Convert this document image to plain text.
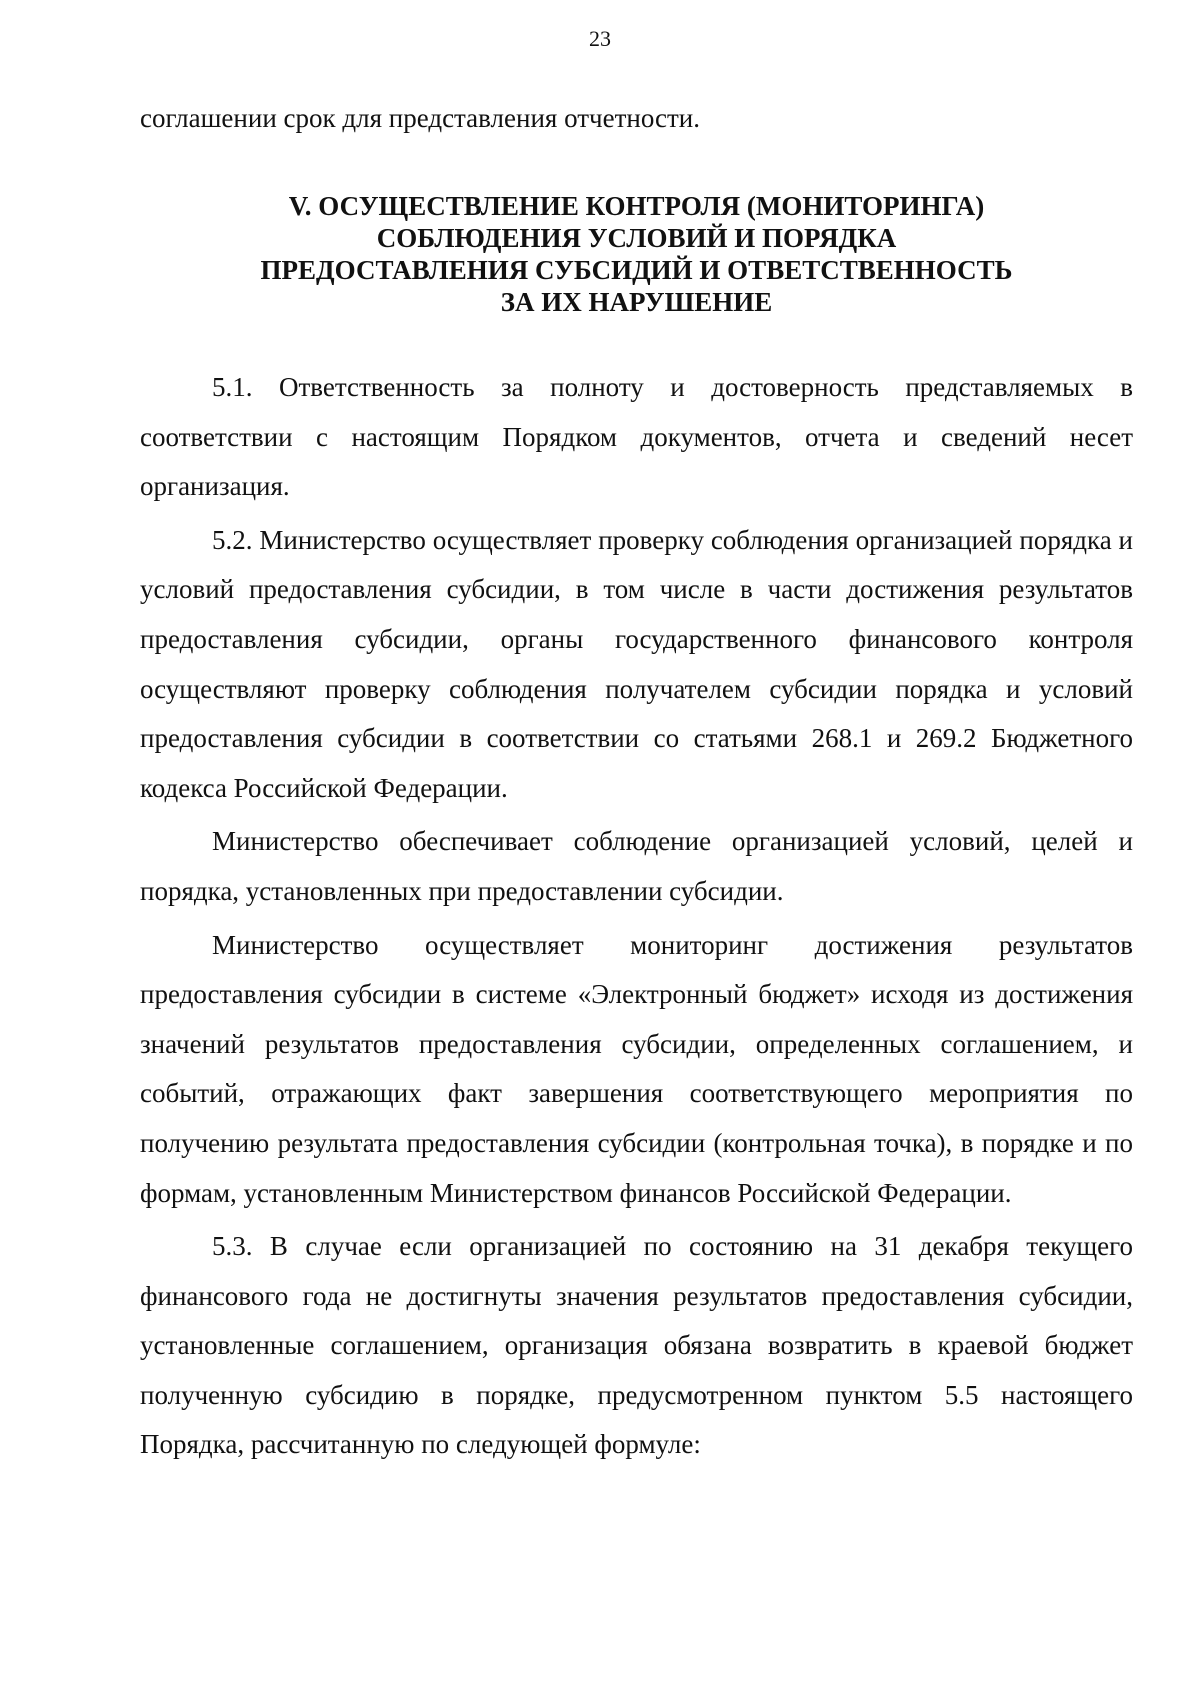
23
соглашении срок для представления отчетности.
V. ОСУЩЕСТВЛЕНИЕ КОНТРОЛЯ (МОНИТОРИНГА)
СОБЛЮДЕНИЯ УСЛОВИЙ И ПОРЯДКА
ПРЕДОСТАВЛЕНИЯ СУБСИДИЙ И ОТВЕТСТВЕННОСТЬ
ЗА ИХ НАРУШЕНИЕ

5.1. Ответственность за полноту и достоверность представляемых в соответствии с настоящим Порядком документов, отчета и сведений несет организация.

5.2. Министерство осуществляет проверку соблюдения организацией порядка и условий предоставления субсидии, в том числе в части достижения результатов предоставления субсидии, органы государственного финансового контроля осуществляют проверку соблюдения получателем субсидии порядка и условий предоставления субсидии в соответствии со статьями 268.1 и 269.2 Бюджетного кодекса Российской Федерации.

Министерство обеспечивает соблюдение организацией условий, целей и порядка, установленных при предоставлении субсидии.

Министерство осуществляет мониторинг достижения результатов предоставления субсидии в системе «Электронный бюджет» исходя из достижения значений результатов предоставления субсидии, определенных соглашением, и событий, отражающих факт завершения соответствующего мероприятия по получению результата предоставления субсидии (контрольная точка), в порядке и по формам, установленным Министерством финансов Российской Федерации.

5.3. В случае если организацией по состоянию на 31 декабря текущего финансового года не достигнуты значения результатов предоставления субсидии, установленные соглашением, организация обязана возвратить в краевой бюджет полученную субсидию в порядке, предусмотренном пунктом 5.5 настоящего Порядка, рассчитанную по следующей формуле:
